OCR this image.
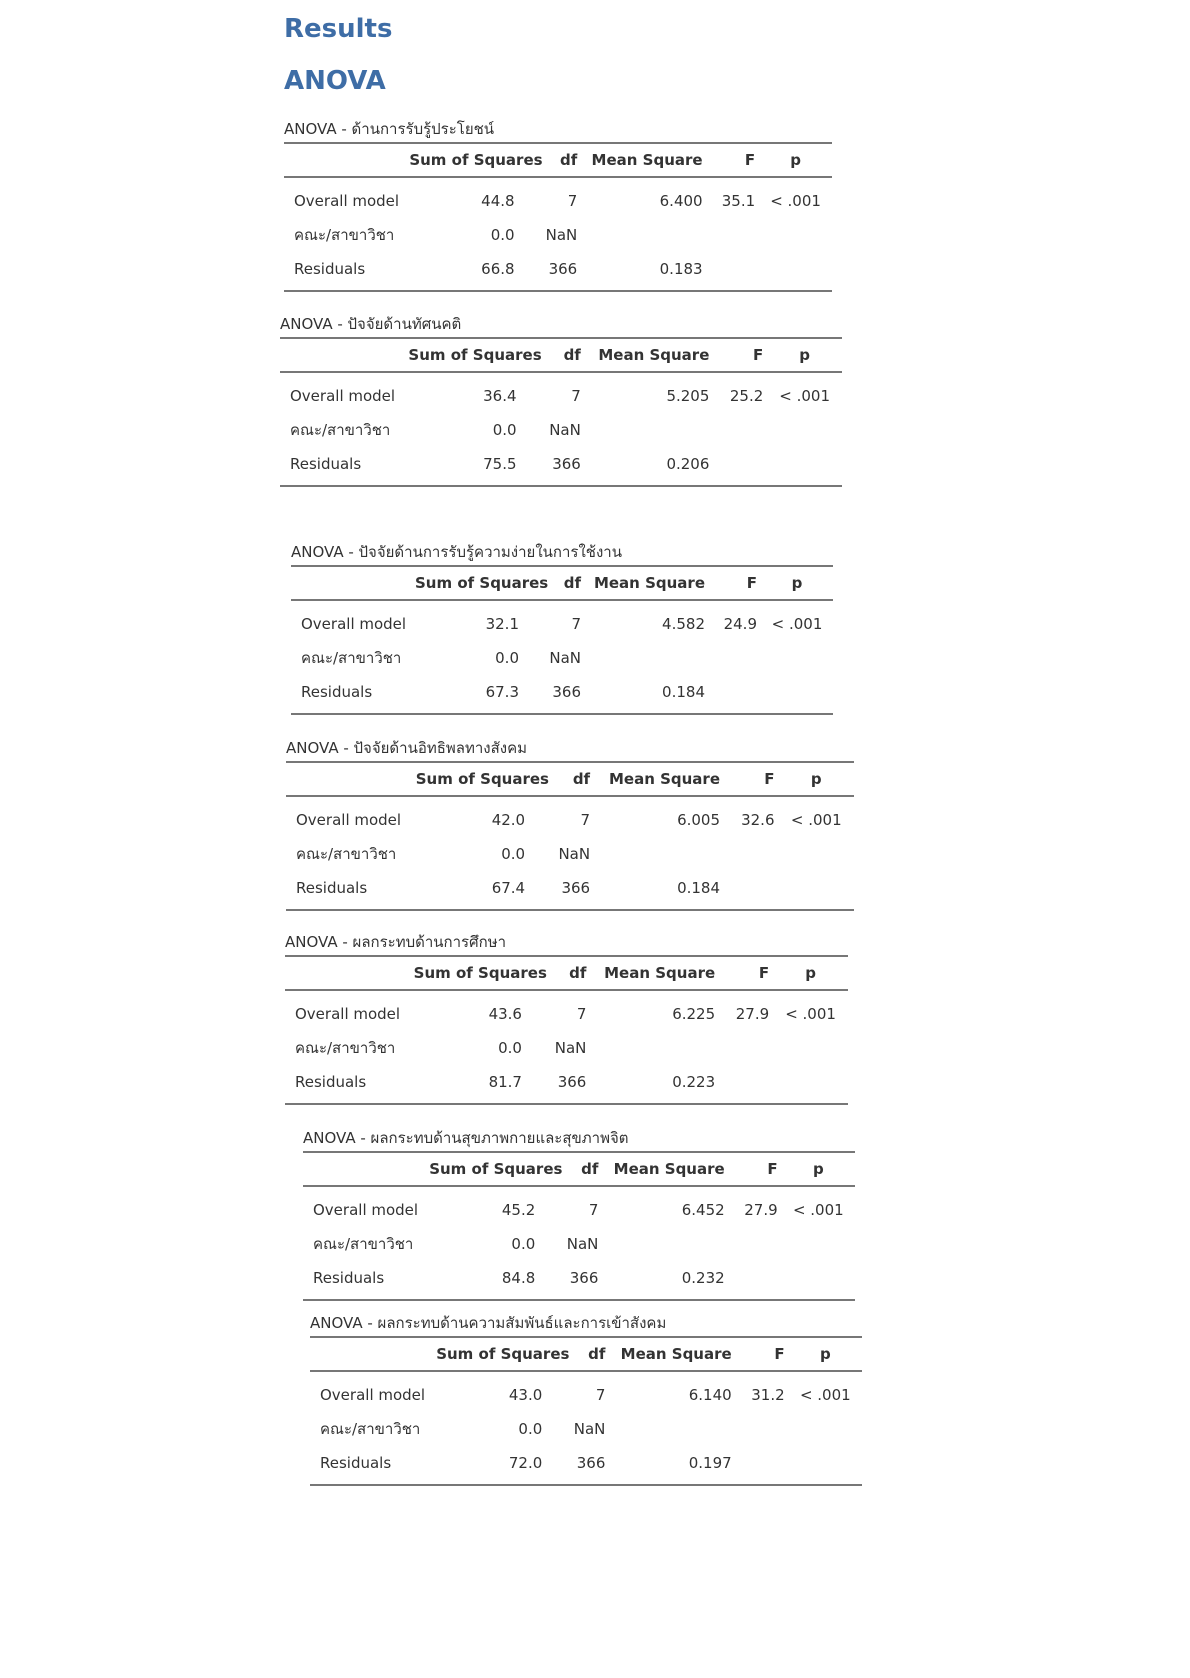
Results
ANOVA
ANOVA - ด้านการรับรู้ประโยชน์
	Sum of Squares	df	Mean Square	F	p
Overall model	44.8	7	6.400	35.1	< .001
คณะ/สาขาวิชา	0.0	NaN			
Residuals	66.8	366	0.183		
ANOVA - ปัจจัยด้านทัศนคติ
	Sum of Squares	df	Mean Square	F	p
Overall model	36.4	7	5.205	25.2	< .001
คณะ/สาขาวิชา	0.0	NaN			
Residuals	75.5	366	0.206		
ANOVA - ปัจจัยด้านการรับรู้ความง่ายในการใช้งาน
	Sum of Squares	df	Mean Square	F	p
Overall model	32.1	7	4.582	24.9	< .001
คณะ/สาขาวิชา	0.0	NaN			
Residuals	67.3	366	0.184		
ANOVA - ปัจจัยด้านอิทธิพลทางสังคม
	Sum of Squares	df	Mean Square	F	p
Overall model	42.0	7	6.005	32.6	< .001
คณะ/สาขาวิชา	0.0	NaN			
Residuals	67.4	366	0.184		
ANOVA - ผลกระทบด้านการศึกษา
	Sum of Squares	df	Mean Square	F	p
Overall model	43.6	7	6.225	27.9	< .001
คณะ/สาขาวิชา	0.0	NaN			
Residuals	81.7	366	0.223		
ANOVA - ผลกระทบด้านสุขภาพกายและสุขภาพจิต
	Sum of Squares	df	Mean Square	F	p
Overall model	45.2	7	6.452	27.9	< .001
คณะ/สาขาวิชา	0.0	NaN			
Residuals	84.8	366	0.232		
ANOVA - ผลกระทบด้านความสัมพันธ์และการเข้าสังคม
	Sum of Squares	df	Mean Square	F	p
Overall model	43.0	7	6.140	31.2	< .001
คณะ/สาขาวิชา	0.0	NaN			
Residuals	72.0	366	0.197		
